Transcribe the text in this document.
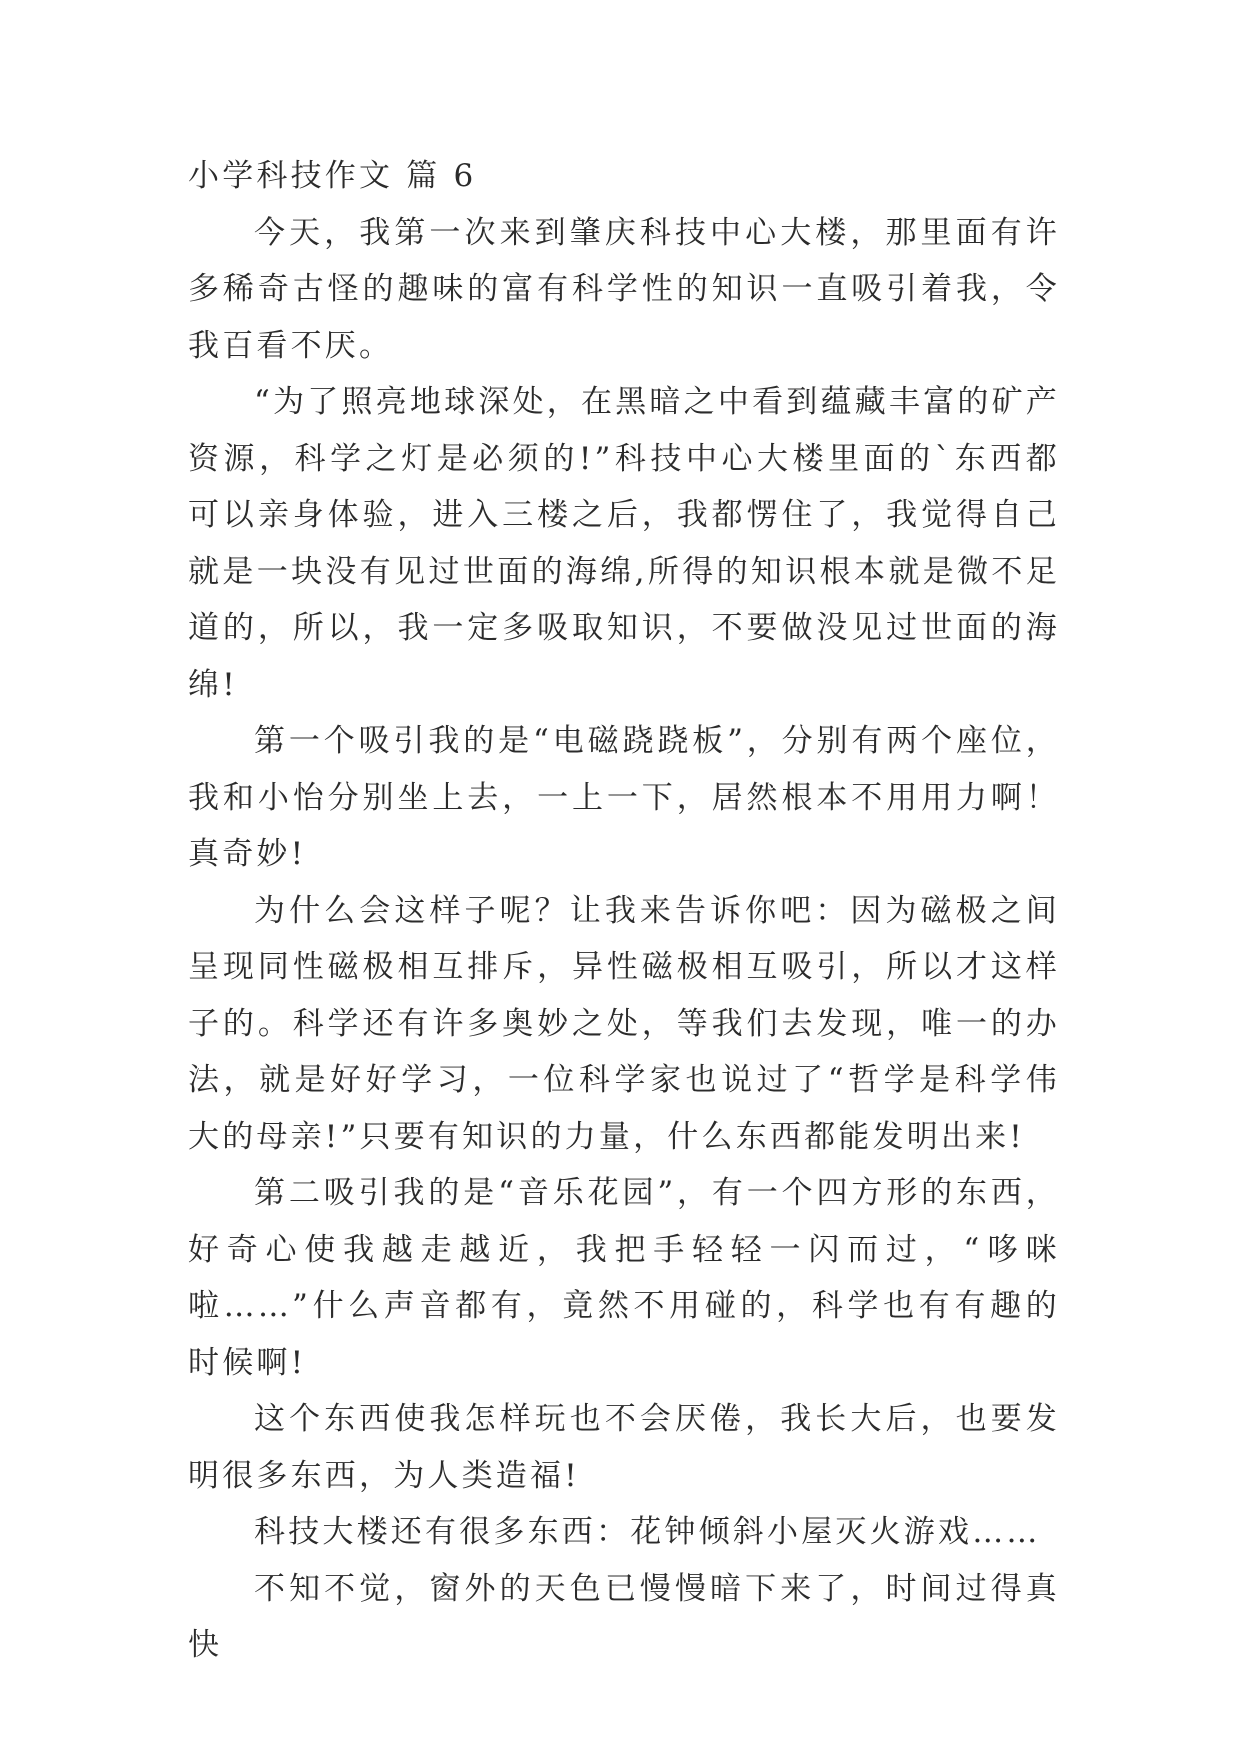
小学科技作文 篇 6

今天，我第一次来到肇庆科技中心大楼，那里面有许多稀奇古怪的趣味的富有科学性的知识一直吸引着我，令我百看不厌。

“为了照亮地球深处，在黑暗之中看到蕴藏丰富的矿产资源，科学之灯是必须的!”科技中心大楼里面的`东西都可以亲身体验，进入三楼之后，我都愣住了，我觉得自己就是一块没有见过世面的海绵,所得的知识根本就是微不足道的，所以，我一定多吸取知识，不要做没见过世面的海绵!

第一个吸引我的是“电磁跷跷板”，分别有两个座位，我和小怡分别坐上去，一上一下，居然根本不用用力啊！真奇妙!

为什么会这样子呢？让我来告诉你吧：因为磁极之间呈现同性磁极相互排斥，异性磁极相互吸引，所以才这样子的。科学还有许多奥妙之处，等我们去发现，唯一的办法，就是好好学习，一位科学家也说过了“哲学是科学伟大的母亲!”只要有知识的力量，什么东西都能发明出来!

第二吸引我的是“音乐花园”，有一个四方形的东西，好奇心使我越走越近，我把手轻轻一闪而过，“哆咪啦……”什么声音都有，竟然不用碰的，科学也有有趣的时候啊!

这个东西使我怎样玩也不会厌倦，我长大后，也要发明很多东西，为人类造福!

科技大楼还有很多东西：花钟倾斜小屋灭火游戏……

不知不觉，窗外的天色已慢慢暗下来了，时间过得真快
